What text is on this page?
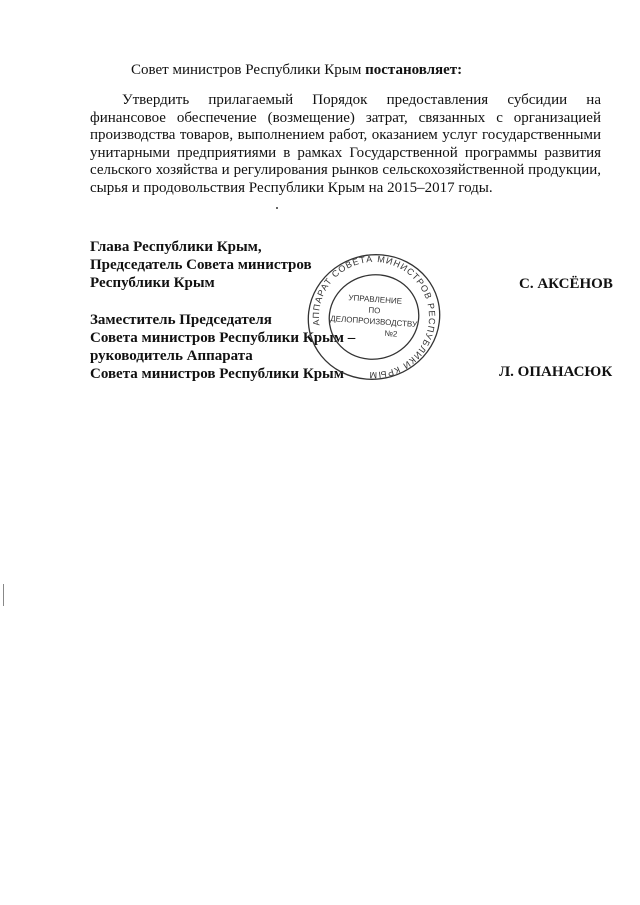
Совет министров Республики Крым постановляет:
Утвердить прилагаемый Порядок предоставления субсидии на финансовое обеспечение (возмещение) затрат, связанных с организацией производства товаров, выполнением работ, оказанием услуг государственными унитарными предприятиями в рамках Государственной программы развития сельского хозяйства и регулирования рынков сельскохозяйственной продукции, сырья и продовольствия Республики Крым на 2015–2017 годы.
Глава Республики Крым,
Председатель Совета министров
Республики Крым	С. АКСЁНОВ
Заместитель Председателя
Совета министров Республики Крым –
руководитель Аппарата
Совета министров Республики Крым	Л. ОПАНАСЮК
АППАРАТ СОВЕТА МИНИСТРОВ РЕСПУБЛИКИ КРЫМ
УПРАВЛЕНИЕ
ПО
ДЕЛОПРОИЗВОДСТВУ
№2
